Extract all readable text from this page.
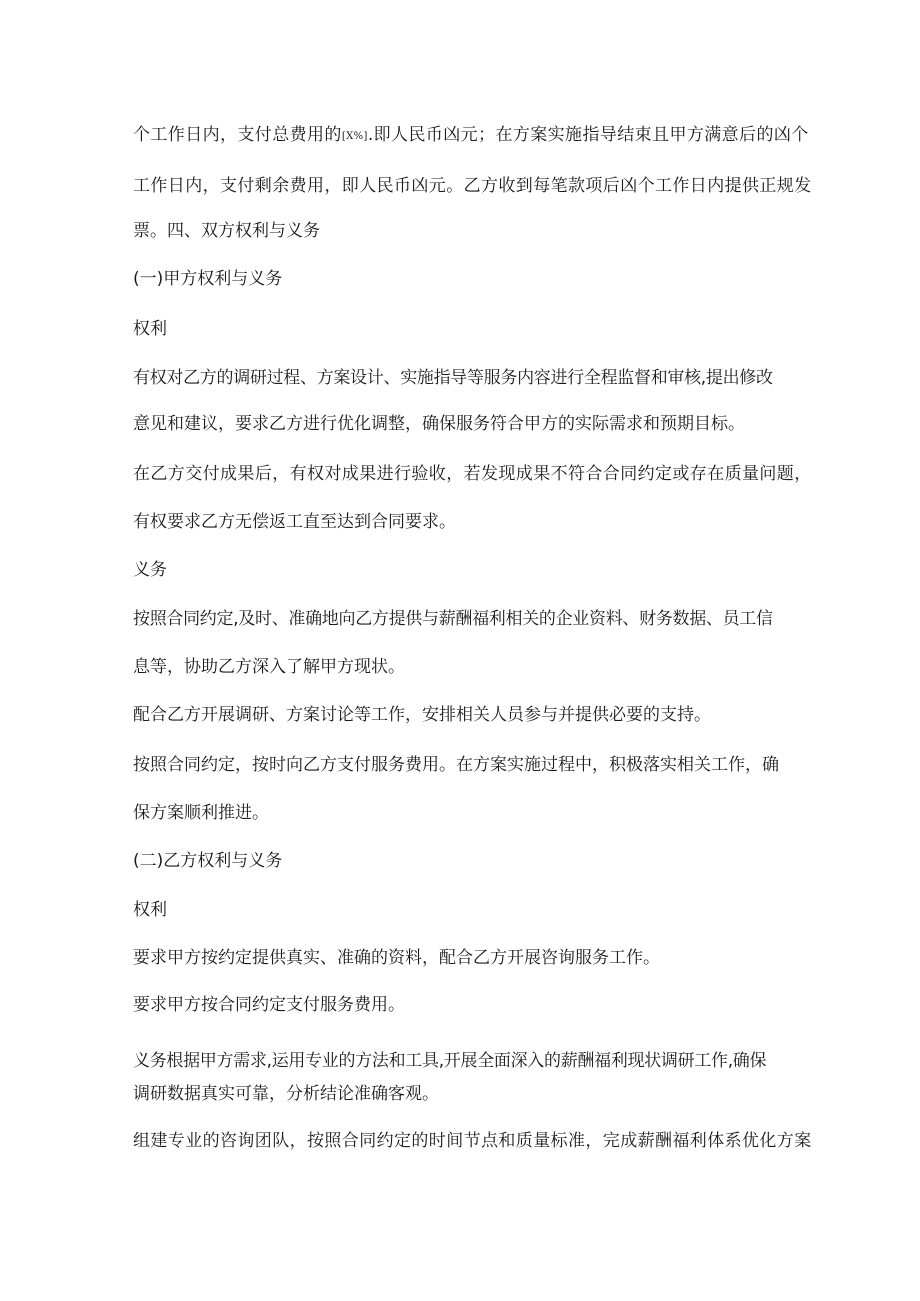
个工作日内，支付总费用的[X%].即人民币凶元；在方案实施指导结束且甲方满意后的凶个

工作日内，支付剩余费用，即人民币凶元。乙方收到每笔款项后凶个工作日内提供正规发

票。四、双方权利与义务

(一)甲方权利与义务

权利

有权对乙方的调研过程、方案设计、实施指导等服务内容进行全程监督和审核,提出修改

意见和建议，要求乙方进行优化调整，确保服务符合甲方的实际需求和预期目标。

在乙方交付成果后，有权对成果进行验收，若发现成果不符合合同约定或存在质量问题，

有权要求乙方无偿返工直至达到合同要求。

义务

按照合同约定,及时、准确地向乙方提供与薪酬福利相关的企业资料、财务数据、员工信

息等，协助乙方深入了解甲方现状。

配合乙方开展调研、方案讨论等工作，安排相关人员参与并提供必要的支持。

按照合同约定，按时向乙方支付服务费用。在方案实施过程中，积极落实相关工作，确

保方案顺利推进。

(二)乙方权利与义务

权利

要求甲方按约定提供真实、准确的资料，配合乙方开展咨询服务工作。

要求甲方按合同约定支付服务费用。

义务根据甲方需求,运用专业的方法和工具,开展全面深入的薪酬福利现状调研工作,确保

调研数据真实可靠，分析结论准确客观。

组建专业的咨询团队，按照合同约定的时间节点和质量标准，完成薪酬福利体系优化方案
